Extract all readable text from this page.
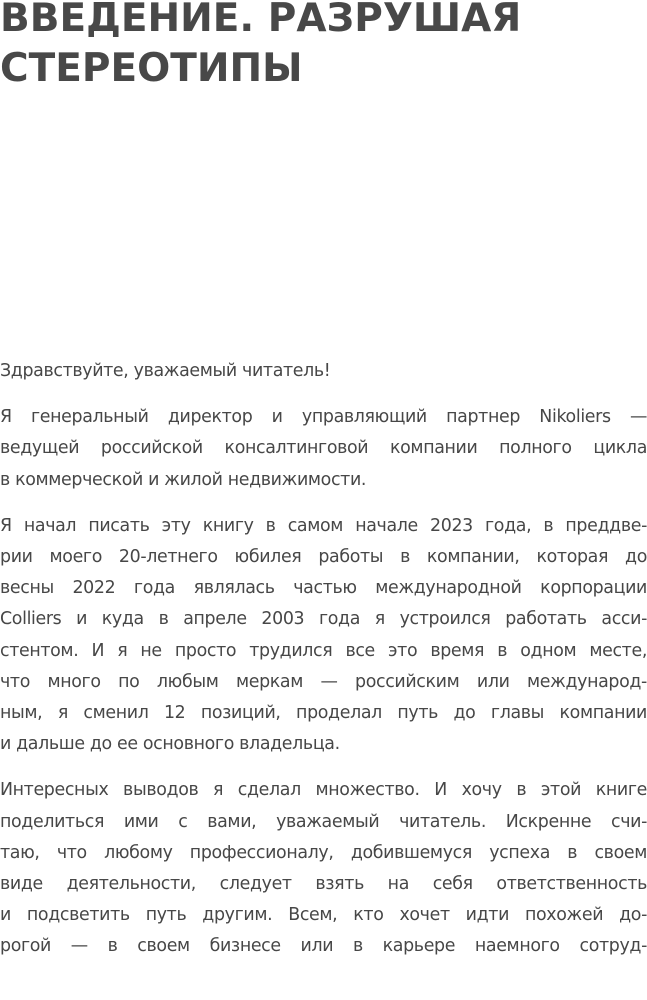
ВВЕДЕНИЕ. РАЗРУШАЯ
СТЕРЕОТИПЫ

Здравствуйте, уважаемый читатель!

Я генеральный директор и управляющий партнер Nikoliers —
ведущей российской консалтинговой компании полного цикла
в коммерческой и жилой недвижимости.

Я начал писать эту книгу в самом начале 2023 года, в преддве-
рии моего 20-летнего юбилея работы в компании, которая до
весны 2022 года являлась частью международной корпорации
Colliers и куда в апреле 2003 года я устроился работать асси-
стентом. И я не просто трудился все это время в одном месте,
что много по любым меркам — российским или международ-
ным, я сменил 12 позиций, проделал путь до главы компании
и дальше до ее основного владельца.

Интересных выводов я сделал множество. И хочу в этой книге
поделиться ими с вами, уважаемый читатель. Искренне счи-
таю, что любому профессионалу, добившемуся успеха в своем
виде деятельности, следует взять на себя ответственность
и подсветить путь другим. Всем, кто хочет идти похожей до-
рогой — в своем бизнесе или в карьере наемного сотруд-
